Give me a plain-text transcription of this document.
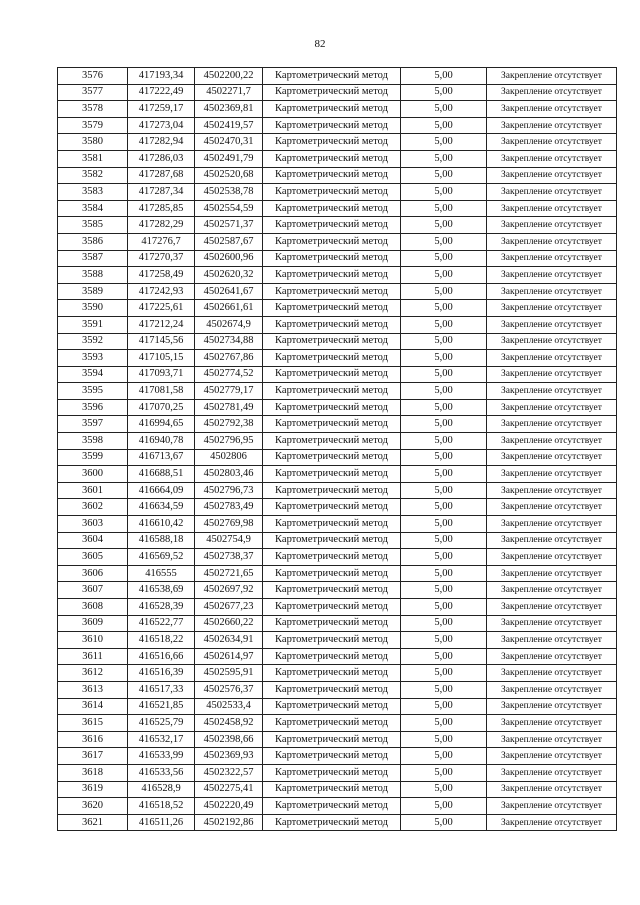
82
3576	417193,34	4502200,22	Картометрический метод	5,00	Закрепление отсутствует
3577	417222,49	4502271,7	Картометрический метод	5,00	Закрепление отсутствует
3578	417259,17	4502369,81	Картометрический метод	5,00	Закрепление отсутствует
3579	417273,04	4502419,57	Картометрический метод	5,00	Закрепление отсутствует
3580	417282,94	4502470,31	Картометрический метод	5,00	Закрепление отсутствует
3581	417286,03	4502491,79	Картометрический метод	5,00	Закрепление отсутствует
3582	417287,68	4502520,68	Картометрический метод	5,00	Закрепление отсутствует
3583	417287,34	4502538,78	Картометрический метод	5,00	Закрепление отсутствует
3584	417285,85	4502554,59	Картометрический метод	5,00	Закрепление отсутствует
3585	417282,29	4502571,37	Картометрический метод	5,00	Закрепление отсутствует
3586	417276,7	4502587,67	Картометрический метод	5,00	Закрепление отсутствует
3587	417270,37	4502600,96	Картометрический метод	5,00	Закрепление отсутствует
3588	417258,49	4502620,32	Картометрический метод	5,00	Закрепление отсутствует
3589	417242,93	4502641,67	Картометрический метод	5,00	Закрепление отсутствует
3590	417225,61	4502661,61	Картометрический метод	5,00	Закрепление отсутствует
3591	417212,24	4502674,9	Картометрический метод	5,00	Закрепление отсутствует
3592	417145,56	4502734,88	Картометрический метод	5,00	Закрепление отсутствует
3593	417105,15	4502767,86	Картометрический метод	5,00	Закрепление отсутствует
3594	417093,71	4502774,52	Картометрический метод	5,00	Закрепление отсутствует
3595	417081,58	4502779,17	Картометрический метод	5,00	Закрепление отсутствует
3596	417070,25	4502781,49	Картометрический метод	5,00	Закрепление отсутствует
3597	416994,65	4502792,38	Картометрический метод	5,00	Закрепление отсутствует
3598	416940,78	4502796,95	Картометрический метод	5,00	Закрепление отсутствует
3599	416713,67	4502806	Картометрический метод	5,00	Закрепление отсутствует
3600	416688,51	4502803,46	Картометрический метод	5,00	Закрепление отсутствует
3601	416664,09	4502796,73	Картометрический метод	5,00	Закрепление отсутствует
3602	416634,59	4502783,49	Картометрический метод	5,00	Закрепление отсутствует
3603	416610,42	4502769,98	Картометрический метод	5,00	Закрепление отсутствует
3604	416588,18	4502754,9	Картометрический метод	5,00	Закрепление отсутствует
3605	416569,52	4502738,37	Картометрический метод	5,00	Закрепление отсутствует
3606	416555	4502721,65	Картометрический метод	5,00	Закрепление отсутствует
3607	416538,69	4502697,92	Картометрический метод	5,00	Закрепление отсутствует
3608	416528,39	4502677,23	Картометрический метод	5,00	Закрепление отсутствует
3609	416522,77	4502660,22	Картометрический метод	5,00	Закрепление отсутствует
3610	416518,22	4502634,91	Картометрический метод	5,00	Закрепление отсутствует
3611	416516,66	4502614,97	Картометрический метод	5,00	Закрепление отсутствует
3612	416516,39	4502595,91	Картометрический метод	5,00	Закрепление отсутствует
3613	416517,33	4502576,37	Картометрический метод	5,00	Закрепление отсутствует
3614	416521,85	4502533,4	Картометрический метод	5,00	Закрепление отсутствует
3615	416525,79	4502458,92	Картометрический метод	5,00	Закрепление отсутствует
3616	416532,17	4502398,66	Картометрический метод	5,00	Закрепление отсутствует
3617	416533,99	4502369,93	Картометрический метод	5,00	Закрепление отсутствует
3618	416533,56	4502322,57	Картометрический метод	5,00	Закрепление отсутствует
3619	416528,9	4502275,41	Картометрический метод	5,00	Закрепление отсутствует
3620	416518,52	4502220,49	Картометрический метод	5,00	Закрепление отсутствует
3621	416511,26	4502192,86	Картометрический метод	5,00	Закрепление отсутствует
